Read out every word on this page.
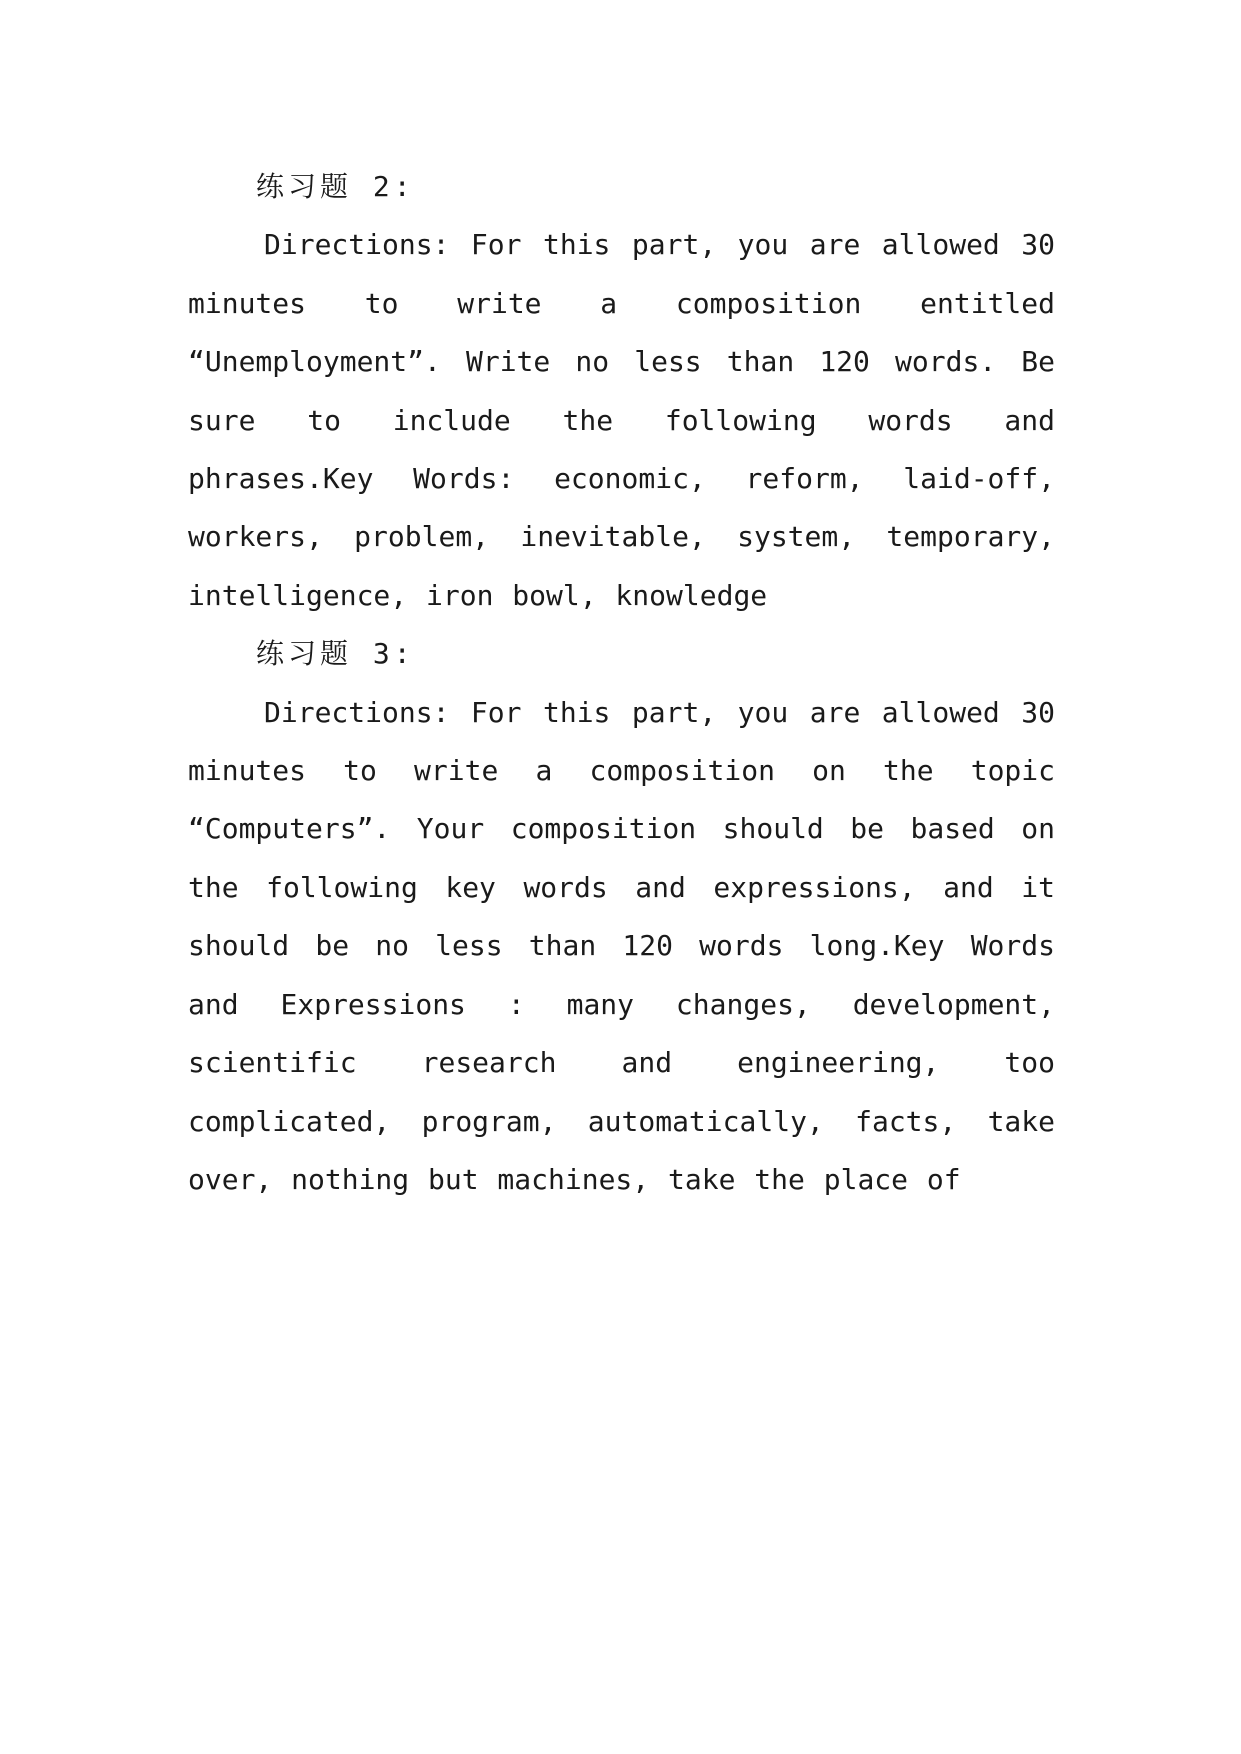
练习题 2:

Directions: For this part, you are allowed 30 minutes to write a composition entitled “Unemployment”. Write no less than 120 words. Be sure to include the following words and phrases.Key Words: economic, reform, laid-off, workers, problem, inevitable, system, temporary, intelligence, iron bowl, knowledge

练习题 3:

Directions: For this part, you are allowed 30 minutes to write a composition on the topic “Computers”. Your composition should be based on the following key words and expressions, and it should be no less than 120 words long.Key Words and Expressions : many changes, development, scientific research and engineering, too complicated, program, automatically, facts, take over, nothing but machines, take the place of
